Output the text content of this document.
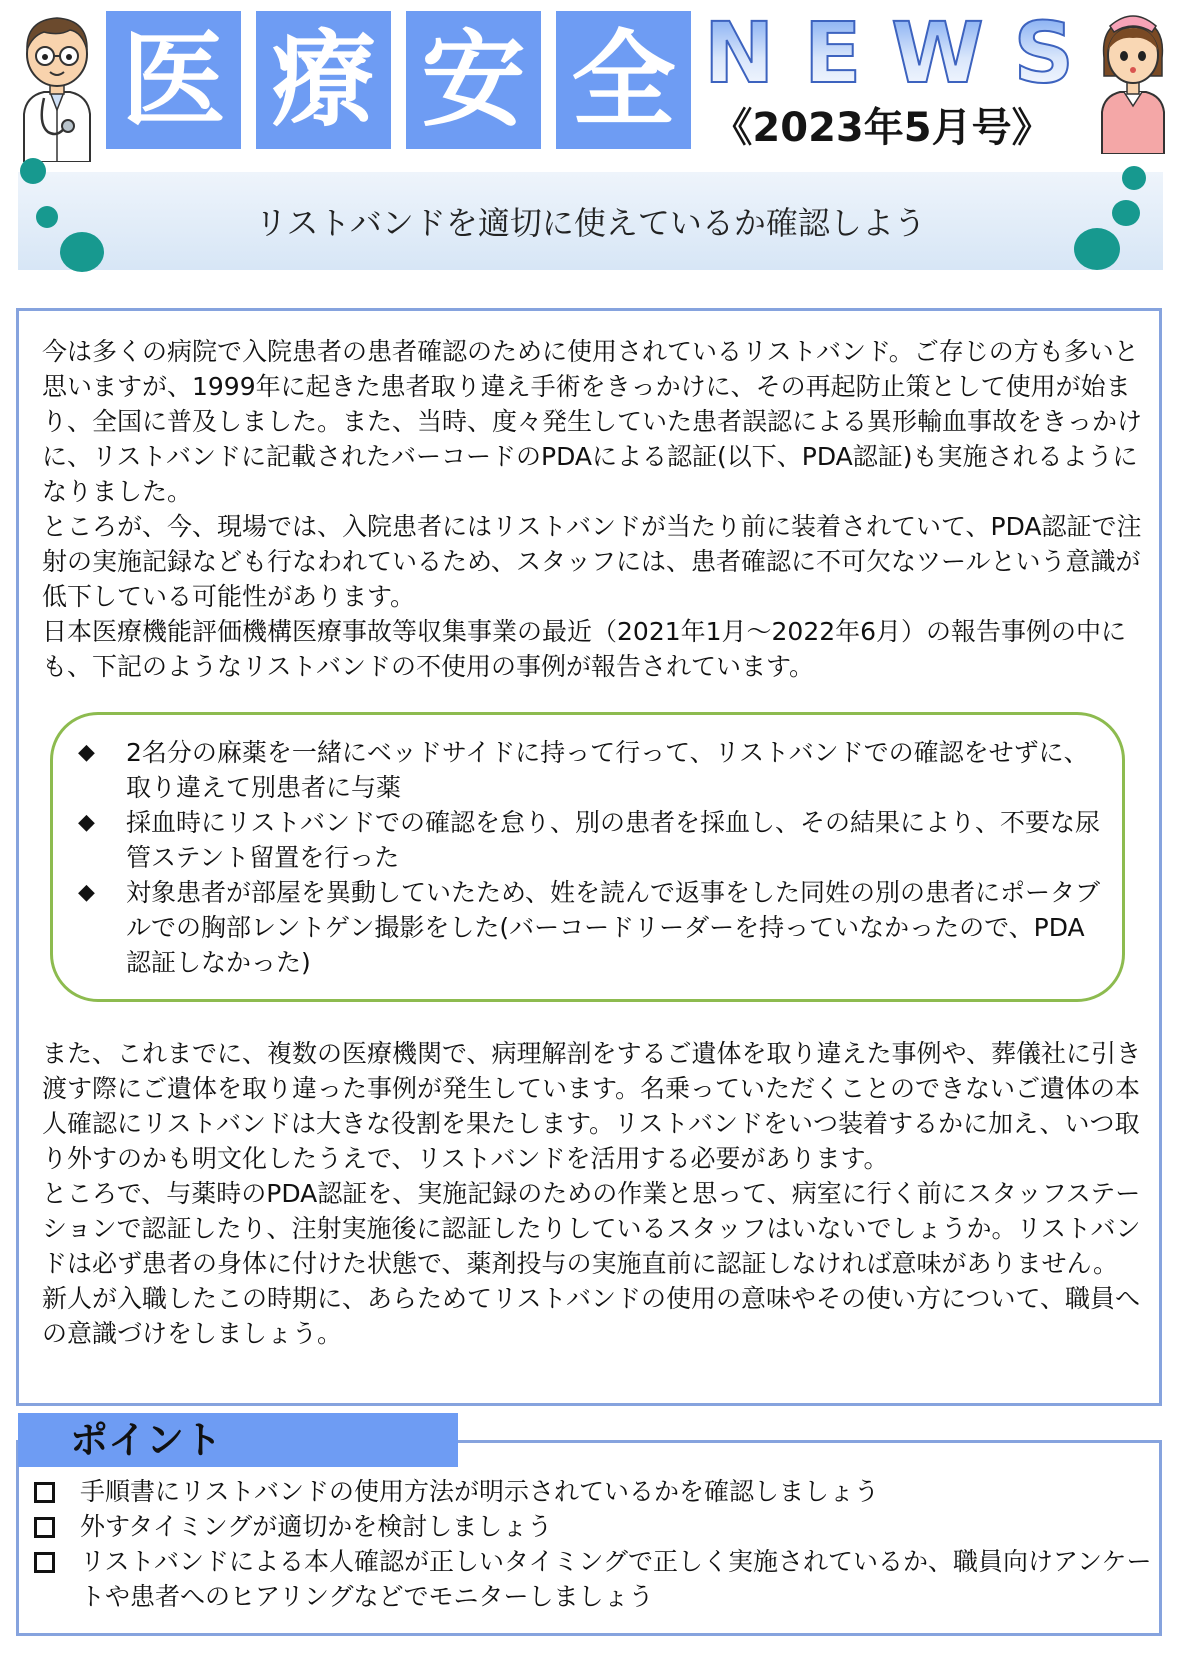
医 療 安 全 NEWS
《2023年5月号》
リストバンドを適切に使えているか確認しよう
今は多くの病院で入院患者の患者確認のために使用されているリストバンド。ご存じの方も多いと思いますが、1999年に起きた患者取り違え手術をきっかけに、その再起防止策として使用が始まり、全国に普及しました。また、当時、度々発生していた患者誤認による異形輸血事故をきっかけに、リストバンドに記載されたバーコードのPDAによる認証(以下、PDA認証)も実施されるようになりました。
ところが、今、現場では、入院患者にはリストバンドが当たり前に装着されていて、PDA認証で注射の実施記録なども行なわれているため、スタッフには、患者確認に不可欠なツールという意識が低下している可能性があります。
日本医療機能評価機構医療事故等収集事業の最近（2021年1月～2022年6月）の報告事例の中にも、下記のようなリストバンドの不使用の事例が報告されています。
◆ 2名分の麻薬を一緒にベッドサイドに持って行って、リストバンドでの確認をせずに、取り違えて別患者に与薬
◆ 採血時にリストバンドでの確認を怠り、別の患者を採血し、その結果により、不要な尿管ステント留置を行った
◆ 対象患者が部屋を異動していたため、姓を読んで返事をした同姓の別の患者にポータブルでの胸部レントゲン撮影をした(バーコードリーダーを持っていなかったので、PDA認証しなかった)
また、これまでに、複数の医療機関で、病理解剖をするご遺体を取り違えた事例や、葬儀社に引き渡す際にご遺体を取り違った事例が発生しています。名乗っていただくことのできないご遺体の本人確認にリストバンドは大きな役割を果たします。リストバンドをいつ装着するかに加え、いつ取り外すのかも明文化したうえで、リストバンドを活用する必要があります。
ところで、与薬時のPDA認証を、実施記録のための作業と思って、病室に行く前にスタッフステーションで認証したり、注射実施後に認証したりしているスタッフはいないでしょうか。リストバンドは必ず患者の身体に付けた状態で、薬剤投与の実施直前に認証しなければ意味がありません。
新人が入職したこの時期に、あらためてリストバンドの使用の意味やその使い方について、職員への意識づけをしましょう。
ポイント
手順書にリストバンドの使用方法が明示されているかを確認しましょう
外すタイミングが適切かを検討しましょう
リストバンドによる本人確認が正しいタイミングで正しく実施されているか、職員向けアンケートや患者へのヒアリングなどでモニターしましょう
